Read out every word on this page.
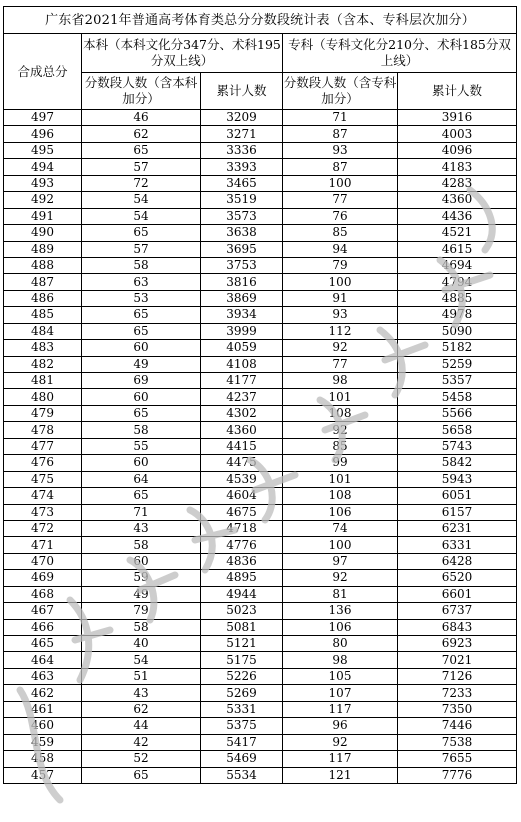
广东省2021年普通高考体育类总分分数段统计表（含本、专科层次加分）				
合成总分	本科（本科文化分347分、术科195分双上线）		专科（专科文化分210分、术科185分双上线）	
	分数段人数（含本科加分）	累计人数	分数段人数（含专科加分）	累计人数
497	46	3209	71	3916
496	62	3271	87	4003
495	65	3336	93	4096
494	57	3393	87	4183
493	72	3465	100	4283
492	54	3519	77	4360
491	54	3573	76	4436
490	65	3638	85	4521
489	57	3695	94	4615
488	58	3753	79	4694
487	63	3816	100	4794
486	53	3869	91	4885
485	65	3934	93	4978
484	65	3999	112	5090
483	60	4059	92	5182
482	49	4108	77	5259
481	69	4177	98	5357
480	60	4237	101	5458
479	65	4302	108	5566
478	58	4360	92	5658
477	55	4415	85	5743
476	60	4475	99	5842
475	64	4539	101	5943
474	65	4604	108	6051
473	71	4675	106	6157
472	43	4718	74	6231
471	58	4776	100	6331
470	60	4836	97	6428
469	59	4895	92	6520
468	49	4944	81	6601
467	79	5023	136	6737
466	58	5081	106	6843
465	40	5121	80	6923
464	54	5175	98	7021
463	51	5226	105	7126
462	43	5269	107	7233
461	62	5331	117	7350
460	44	5375	96	7446
459	42	5417	92	7538
458	52	5469	117	7655
457	65	5534	121	7776
